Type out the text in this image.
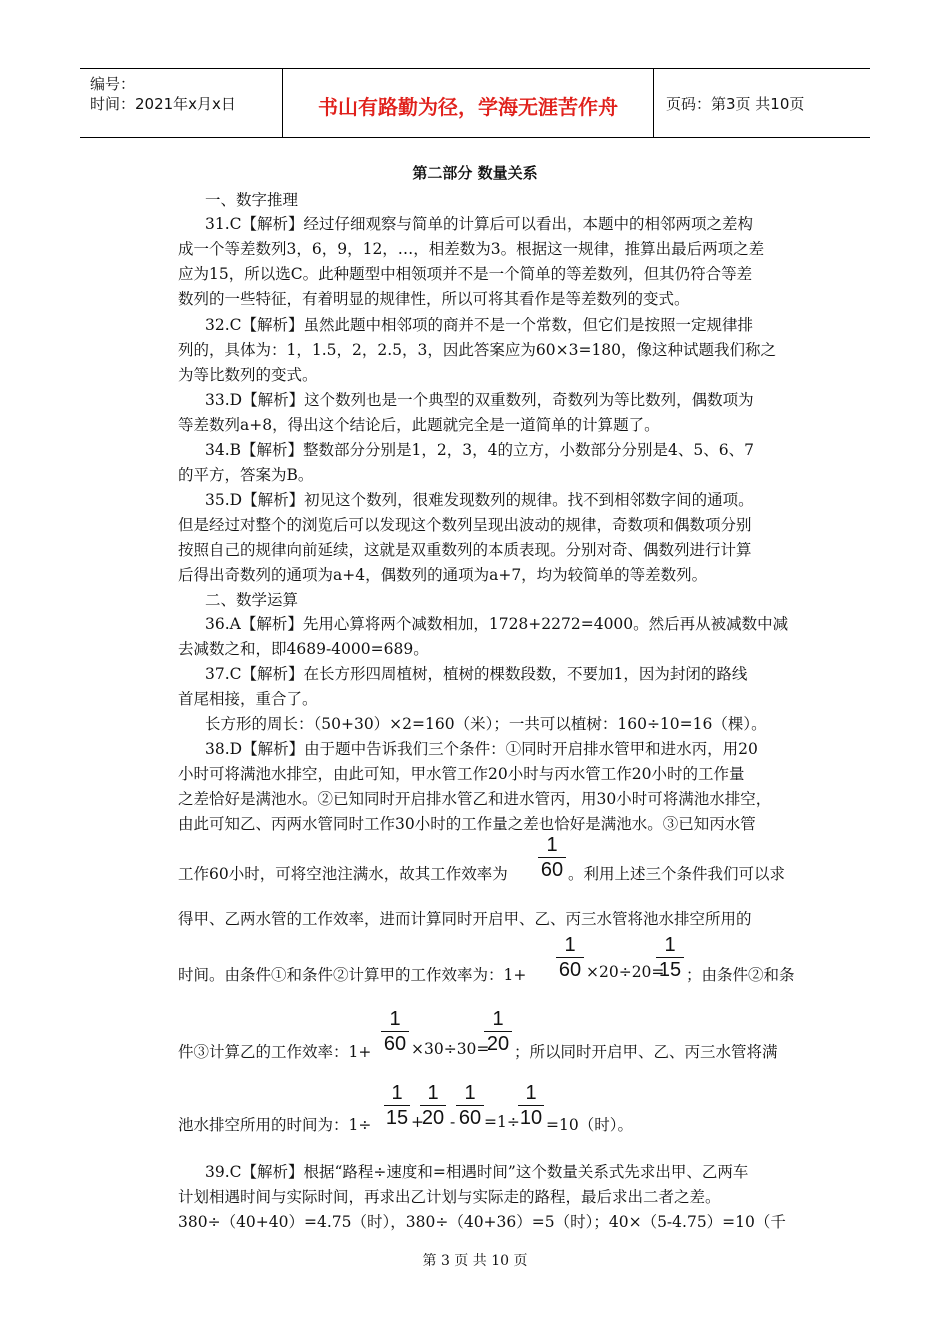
编号：
时间：2021年x月x日	书山有路勤为径，学海无涯苦作舟	页码：第3页 共10页
第二部分 数量关系
一、数字推理
31.C【解析】经过仔细观察与简单的计算后可以看出，本题中的相邻两项之差构
成一个等差数列3，6，9，12，…，相差数为3。根据这一规律，推算出最后两项之差
应为15，所以选C。此种题型中相领项并不是一个简单的等差数列，但其仍符合等差
数列的一些特征，有着明显的规律性，所以可将其看作是等差数列的变式。
32.C【解析】虽然此题中相邻项的商并不是一个常数，但它们是按照一定规律排
列的，具体为：1，1.5，2，2.5，3，因此答案应为60×3=180，像这种试题我们称之
为等比数列的变式。
33.D【解析】这个数列也是一个典型的双重数列，奇数列为等比数列，偶数项为
等差数列a+8，得出这个结论后，此题就完全是一道简单的计算题了。
34.B【解析】整数部分分别是1，2，3，4的立方，小数部分分别是4、5、6、7
的平方，答案为B。
35.D【解析】初见这个数列，很难发现数列的规律。找不到相邻数字间的通项。
但是经过对整个的浏览后可以发现这个数列呈现出波动的规律，奇数项和偶数项分别
按照自己的规律向前延续，这就是双重数列的本质表现。分别对奇、偶数列进行计算
后得出奇数列的通项为a+4，偶数列的通项为a+7，均为较简单的等差数列。
二、数学运算
36.A【解析】先用心算将两个减数相加，1728+2272=4000。然后再从被减数中减
去减数之和，即4689-4000=689。
37.C【解析】在长方形四周植树，植树的棵数段数，不要加1，因为封闭的路线
首尾相接，重合了。
长方形的周长：（50+30）×2=160（米）；一共可以植树：160÷10=16（棵）。
38.D【解析】由于题中告诉我们三个条件：①同时开启排水管甲和进水丙，用20
小时可将满池水排空，由此可知，甲水管工作20小时与丙水管工作20小时的工作量
之差恰好是满池水。②已知同时开启排水管乙和进水管丙，用30小时可将满池水排空，
由此可知乙、丙两水管同时工作30小时的工作量之差也恰好是满池水。③已知丙水管
工作60小时，可将空池注满水，故其工作效率为
1
60 。利用上述三个条件我们可以求
得甲、乙两水管的工作效率，进而计算同时开启甲、乙、丙三水管将池水排空所用的
时间。由条件①和条件②计算甲的工作效率为：1+
1
60 ×20÷20=
1
15 ；由条件②和条
件③计算乙的工作效率：1+
1
60 ×30÷30=
1
20 ；所以同时开启甲、乙、丙三水管将满
池水排空所用的时间为：1÷
1
15 +
1
20 -
1
60 =1÷
1
10 =10（时）。
39.C【解析】根据“路程÷速度和=相遇时间”这个数量关系式先求出甲、乙两车
计划相遇时间与实际时间，再求出乙计划与实际走的路程，最后求出二者之差。
380÷（40+40）=4.75（时），380÷（40+36）=5（时）；40×（5-4.75）=10（千
第 3 页 共 10 页
